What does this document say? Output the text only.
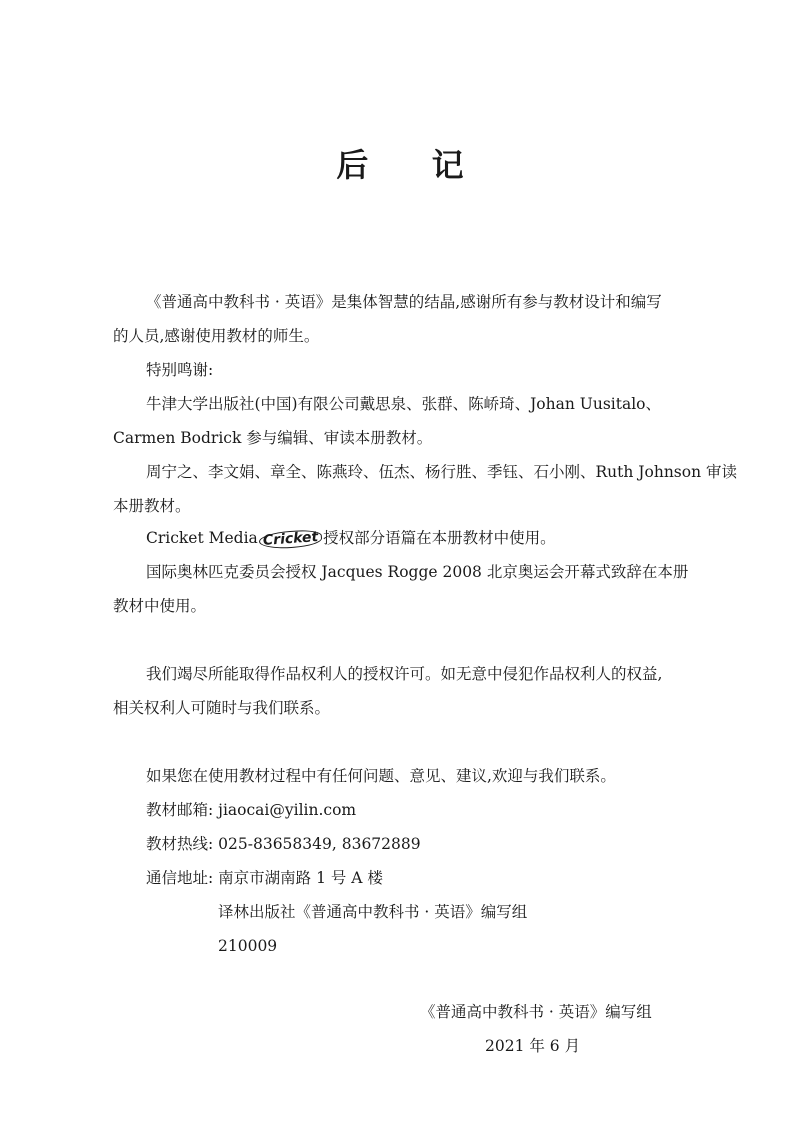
后 记
《普通高中教科书 · 英语》是集体智慧的结晶,感谢所有参与教材设计和编写
的人员,感谢使用教材的师生。
特别鸣谢:
牛津大学出版社(中国)有限公司戴思泉、张群、陈峤琦、Johan Uusitalo、
Carmen Bodrick 参与编辑、审读本册教材。
周宁之、李文娟、章全、陈燕玲、伍杰、杨行胜、季钰、石小刚、Ruth Johnson 审读
本册教材。
Cricket Media Cricket 授权部分语篇在本册教材中使用。
国际奥林匹克委员会授权 Jacques Rogge 2008 北京奥运会开幕式致辞在本册
教材中使用。
我们竭尽所能取得作品权利人的授权许可。如无意中侵犯作品权利人的权益,
相关权利人可随时与我们联系。
如果您在使用教材过程中有任何问题、意见、建议,欢迎与我们联系。
教材邮箱: jiaocai@yilin.com
教材热线: 025-83658349, 83672889
通信地址: 南京市湖南路 1 号 A 楼
译林出版社《普通高中教科书 · 英语》编写组
210009
《普通高中教科书 · 英语》编写组
2021 年 6 月
